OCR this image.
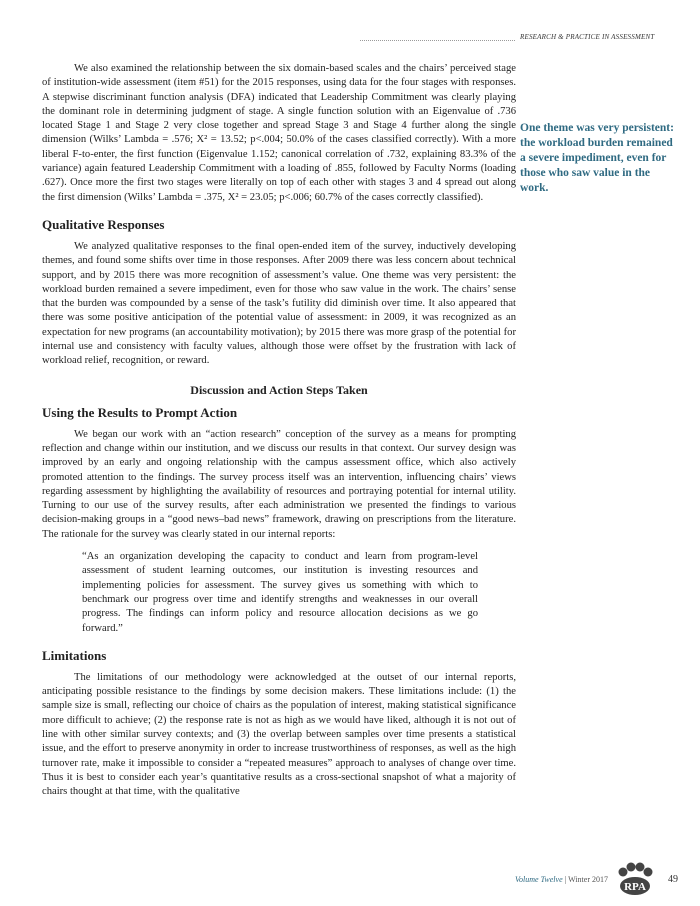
RESEARCH & PRACTICE IN ASSESSMENT

We also examined the relationship between the six domain-based scales and the chairs’ perceived stage of institution-wide assessment (item #51) for the 2015 responses, using data for the four stages with responses. A stepwise discriminant function analysis (DFA) indicated that Leadership Commitment was clearly playing the dominant role in determining judgment of stage. A single function solution with an Eigenvalue of .736 located Stage 1 and Stage 2 very close together and spread Stage 3 and Stage 4 further along the single dimension (Wilks’ Lambda = .576; X² = 13.52; p<.004; 50.0% of the cases classified correctly). With a more liberal F-to-enter, the first function (Eigenvalue 1.152; canonical correlation of .732, explaining 83.3% of the variance) again featured Leadership Commitment with a loading of .855, followed by Faculty Norms (loading .627). Once more the first two stages were literally on top of each other with stages 3 and 4 spread out along the first dimension (Wilks’ Lambda = .375, X² = 23.05; p<.006; 60.7% of the cases correctly classified).

Qualitative Responses

We analyzed qualitative responses to the final open-ended item of the survey, inductively developing themes, and found some shifts over time in those responses. After 2009 there was less concern about technical support, and by 2015 there was more recognition of assessment’s value. One theme was very persistent: the workload burden remained a severe impediment, even for those who saw value in the work. The chairs’ sense that the burden was compounded by a sense of the task’s futility did diminish over time. It also appeared that there was some positive anticipation of the potential value of assessment: in 2009, it was recognized as an expectation for new programs (an accountability motivation); by 2015 there was more grasp of the potential for internal use and consistency with faculty values, although those were offset by the frustration with lack of workload relief, recognition, or reward.

Discussion and Action Steps Taken
Using the Results to Prompt Action

We began our work with an “action research” conception of the survey as a means for prompting reflection and change within our institution, and we discuss our results in that context. Our survey design was improved by an early and ongoing relationship with the campus assessment office, which also actively promoted attention to the findings. The survey process itself was an intervention, influencing chairs’ views regarding assessment by highlighting the availability of resources and portraying potential for internal utility. Turning to our use of the survey results, after each administration we presented the findings to various decision-making groups in a “good news–bad news” framework, drawing on prescriptions from the literature. The rationale for the survey was clearly stated in our internal reports:

“As an organization developing the capacity to conduct and learn from program-level assessment of student learning outcomes, our institution is investing resources and implementing policies for assessment. The survey gives us something with which to benchmark our progress over time and identify strengths and weaknesses in our overall progress. The findings can inform policy and resource allocation decisions as we go forward.”
Limitations

The limitations of our methodology were acknowledged at the outset of our internal reports, anticipating possible resistance to the findings by some decision makers. These limitations include: (1) the sample size is small, reflecting our choice of chairs as the population of interest, making statistical significance more difficult to achieve; (2) the response rate is not as high as we would have liked, although it is not out of line with other similar survey contexts; and (3) the overlap between samples over time presents a statistical issue, and the effort to preserve anonymity in order to increase trustworthiness of responses, as well as the high turnover rate, make it impossible to consider a “repeated measures” approach to analyses of change over time. Thus it is best to consider each year’s quantitative results as a cross-sectional snapshot of what a majority of chairs thought at that time, with the qualitative

One theme was very persistent: the workload burden remained a severe impediment, even for those who saw value in the work.
Volume Twelve | Winter 2017
RPA
49
